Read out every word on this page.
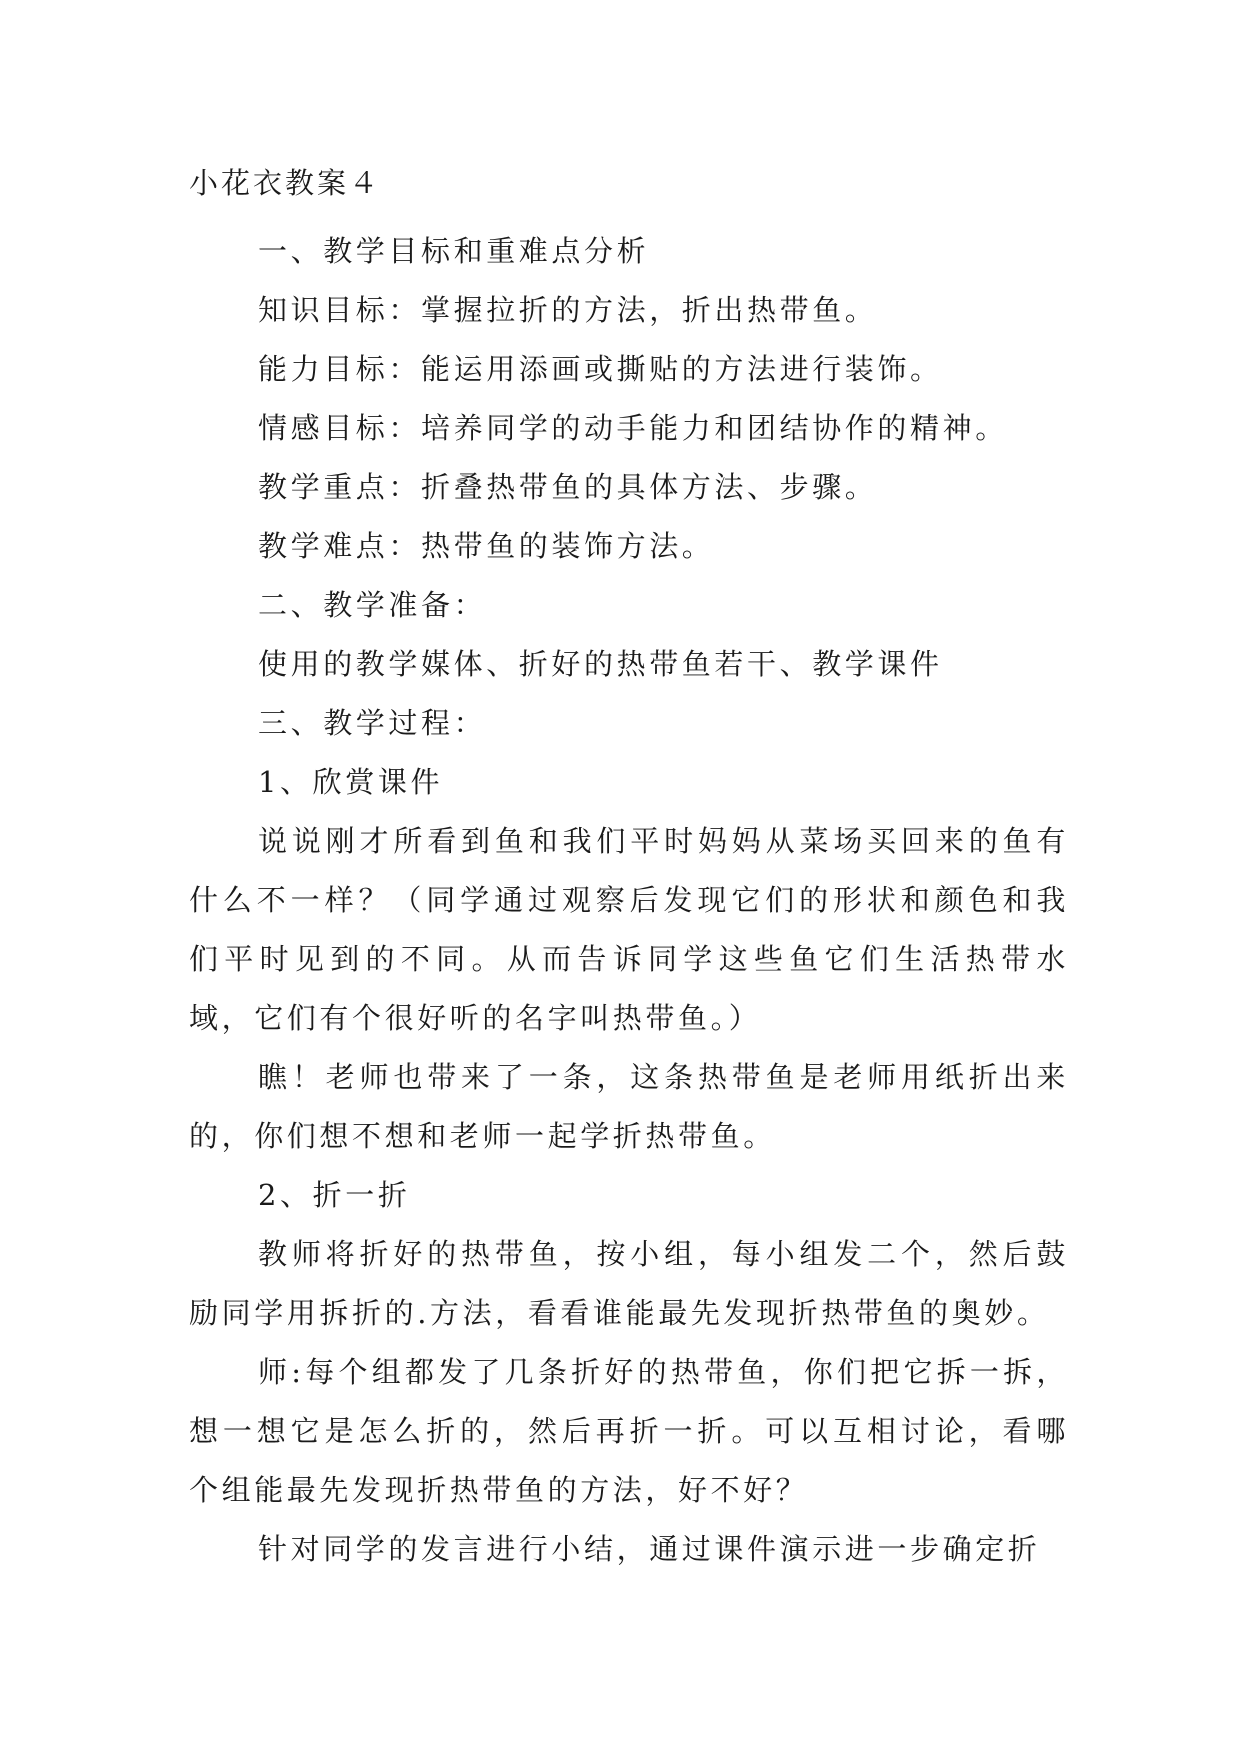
小花衣教案４

一、教学目标和重难点分析

知识目标：掌握拉折的方法，折出热带鱼。

能力目标：能运用添画或撕贴的方法进行装饰。

情感目标：培养同学的动手能力和团结协作的精神。

教学重点：折叠热带鱼的具体方法、步骤。

教学难点：热带鱼的装饰方法。

二、教学准备：

使用的教学媒体、折好的热带鱼若干、教学课件

三、教学过程：

1、欣赏课件

说说刚才所看到鱼和我们平时妈妈从菜场买回来的鱼有什么不一样？（同学通过观察后发现它们的形状和颜色和我们平时见到的不同。从而告诉同学这些鱼它们生活热带水域，它们有个很好听的名字叫热带鱼。）

瞧！老师也带来了一条，这条热带鱼是老师用纸折出来的，你们想不想和老师一起学折热带鱼。

2、折一折

教师将折好的热带鱼，按小组，每小组发二个，然后鼓励同学用拆折的.方法，看看谁能最先发现折热带鱼的奥妙。

师:每个组都发了几条折好的热带鱼，你们把它拆一拆，想一想它是怎么折的，然后再折一折。可以互相讨论，看哪个组能最先发现折热带鱼的方法，好不好？

针对同学的发言进行小结，通过课件演示进一步确定折
